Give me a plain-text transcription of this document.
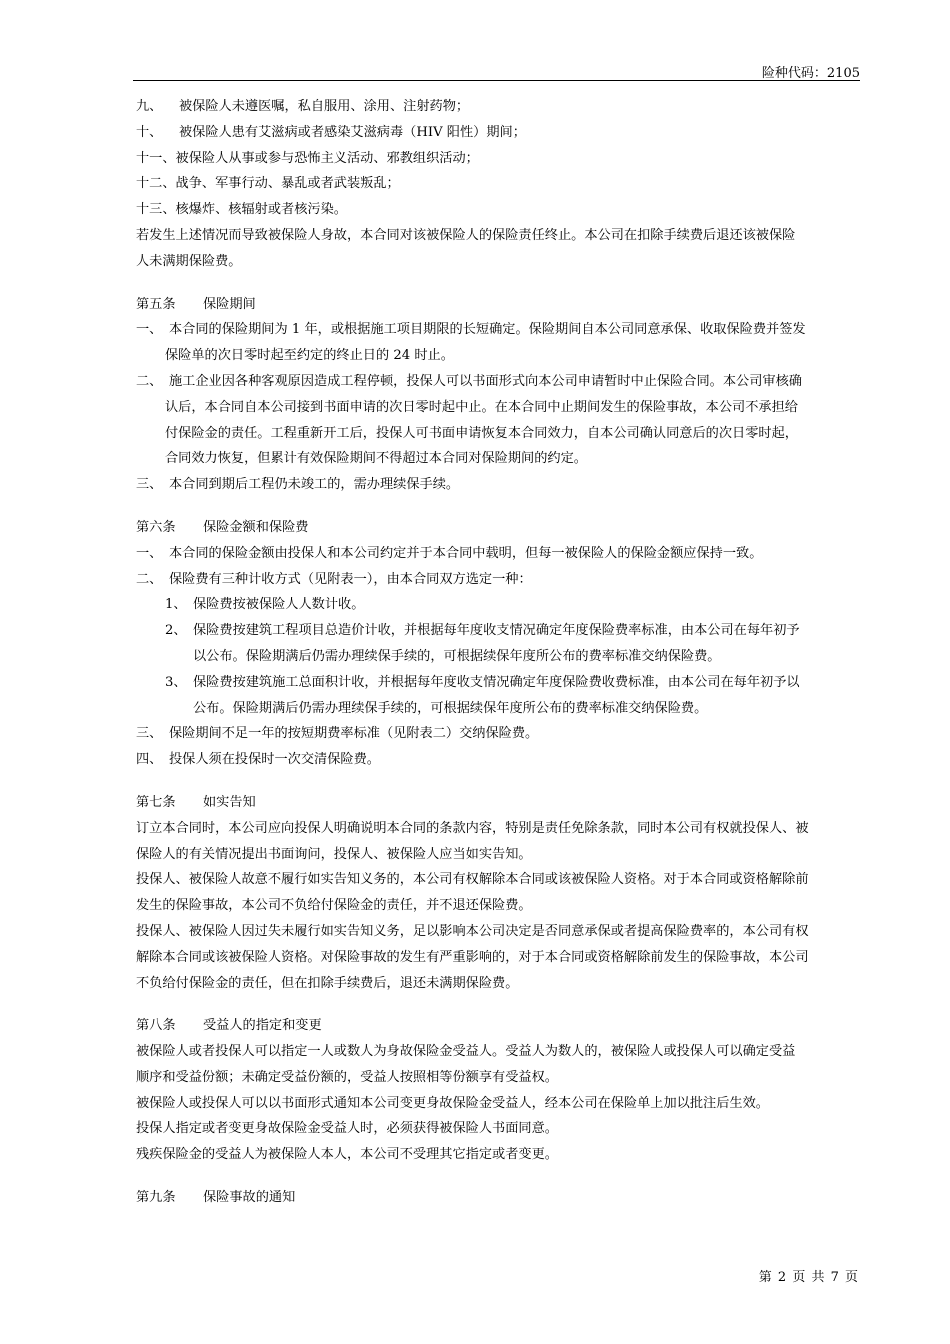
险种代码：2105
九、 被保险人未遵医嘱，私自服用、涂用、注射药物；
十、 被保险人患有艾滋病或者感染艾滋病毒（HIV 阳性）期间；
十一、被保险人从事或参与恐怖主义活动、邪教组织活动；
十二、战争、军事行动、暴乱或者武装叛乱；
十三、核爆炸、核辐射或者核污染。
若发生上述情况而导致被保险人身故，本合同对该被保险人的保险责任终止。本公司在扣除手续费后退还该被保险
人未满期保险费。
第五条 保险期间
一、 本合同的保险期间为 1 年，或根据施工项目期限的长短确定。保险期间自本公司同意承保、收取保险费并签发
保险单的次日零时起至约定的终止日的 24 时止。
二、 施工企业因各种客观原因造成工程停顿，投保人可以书面形式向本公司申请暂时中止保险合同。本公司审核确
认后，本合同自本公司接到书面申请的次日零时起中止。在本合同中止期间发生的保险事故，本公司不承担给
付保险金的责任。工程重新开工后，投保人可书面申请恢复本合同效力，自本公司确认同意后的次日零时起，
合同效力恢复，但累计有效保险期间不得超过本合同对保险期间的约定。
三、 本合同到期后工程仍未竣工的，需办理续保手续。
第六条 保险金额和保险费
一、 本合同的保险金额由投保人和本公司约定并于本合同中载明，但每一被保险人的保险金额应保持一致。
二、 保险费有三种计收方式（见附表一），由本合同双方选定一种：
1、 保险费按被保险人人数计收。
2、 保险费按建筑工程项目总造价计收，并根据每年度收支情况确定年度保险费率标准，由本公司在每年初予
以公布。保险期满后仍需办理续保手续的，可根据续保年度所公布的费率标准交纳保险费。
3、 保险费按建筑施工总面积计收，并根据每年度收支情况确定年度保险费收费标准，由本公司在每年初予以
公布。保险期满后仍需办理续保手续的，可根据续保年度所公布的费率标准交纳保险费。
三、 保险期间不足一年的按短期费率标准（见附表二）交纳保险费。
四、 投保人须在投保时一次交清保险费。
第七条 如实告知
订立本合同时，本公司应向投保人明确说明本合同的条款内容，特别是责任免除条款，同时本公司有权就投保人、被
保险人的有关情况提出书面询问，投保人、被保险人应当如实告知。
投保人、被保险人故意不履行如实告知义务的，本公司有权解除本合同或该被保险人资格。对于本合同或资格解除前
发生的保险事故，本公司不负给付保险金的责任，并不退还保险费。
投保人、被保险人因过失未履行如实告知义务，足以影响本公司决定是否同意承保或者提高保险费率的，本公司有权
解除本合同或该被保险人资格。对保险事故的发生有严重影响的，对于本合同或资格解除前发生的保险事故，本公司
不负给付保险金的责任，但在扣除手续费后，退还未满期保险费。
第八条 受益人的指定和变更
被保险人或者投保人可以指定一人或数人为身故保险金受益人。受益人为数人的，被保险人或投保人可以确定受益
顺序和受益份额；未确定受益份额的，受益人按照相等份额享有受益权。
被保险人或投保人可以以书面形式通知本公司变更身故保险金受益人，经本公司在保险单上加以批注后生效。
投保人指定或者变更身故保险金受益人时，必须获得被保险人书面同意。
残疾保险金的受益人为被保险人本人，本公司不受理其它指定或者变更。
第九条 保险事故的通知
第 2 页 共 7 页
